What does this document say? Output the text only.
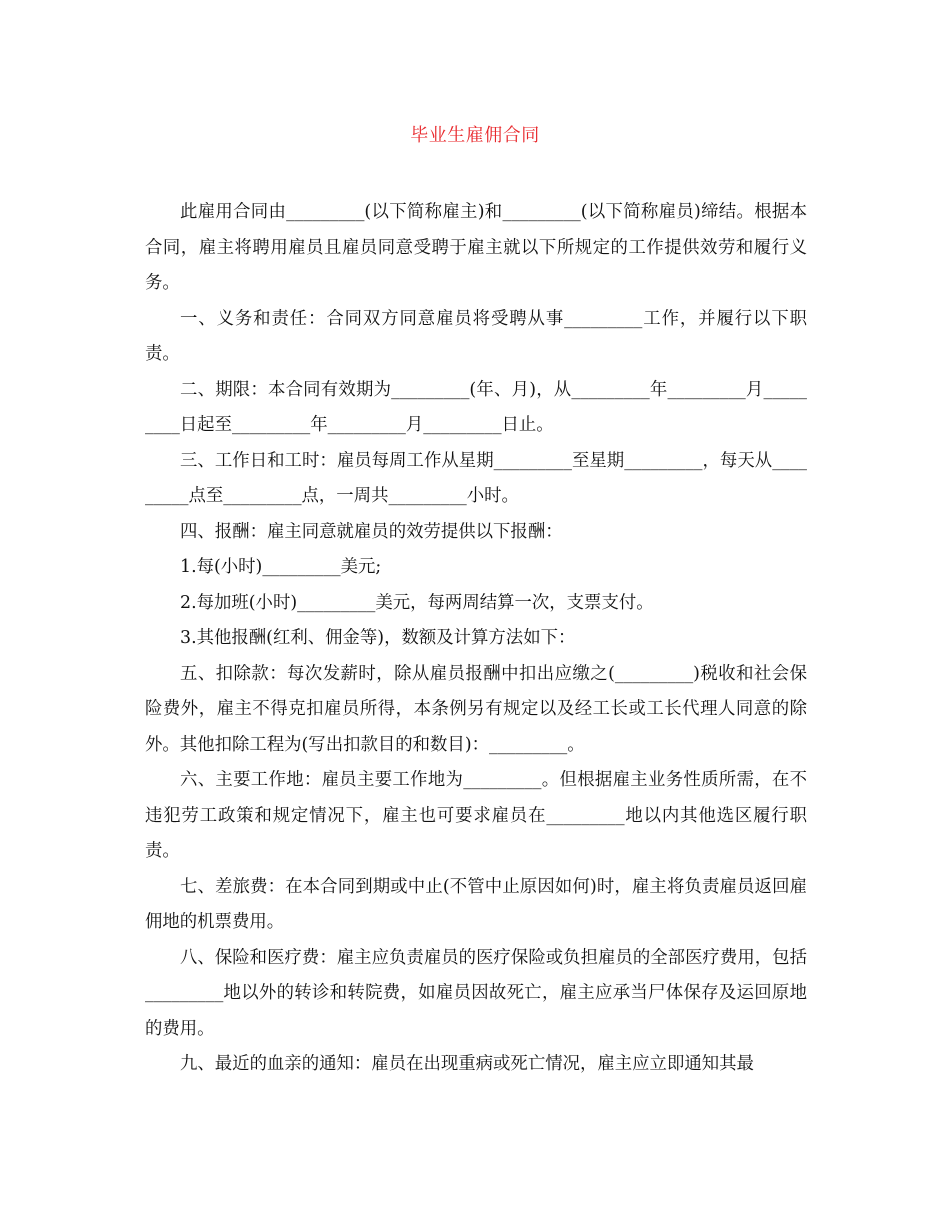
毕业生雇佣合同

此雇用合同由_________(以下简称雇主)和_________(以下简称雇员)缔结。根据本合同，雇主将聘用雇员且雇员同意受聘于雇主就以下所规定的工作提供效劳和履行义务。

一、义务和责任：合同双方同意雇员将受聘从事_________工作，并履行以下职责。

二、期限：本合同有效期为_________(年、月)，从_________年_________月_________日起至_________年_________月_________日止。

三、工作日和工时：雇员每周工作从星期_________至星期_________，每天从_________点至_________点，一周共_________小时。

四、报酬：雇主同意就雇员的效劳提供以下报酬：

1.每(小时)_________美元;

2.每加班(小时)_________美元，每两周结算一次，支票支付。

3.其他报酬(红利、佣金等)，数额及计算方法如下：

五、扣除款：每次发薪时，除从雇员报酬中扣出应缴之(_________)税收和社会保险费外，雇主不得克扣雇员所得，本条例另有规定以及经工长或工长代理人同意的除外。其他扣除工程为(写出扣款目的和数目)：_________。

六、主要工作地：雇员主要工作地为_________。但根据雇主业务性质所需，在不违犯劳工政策和规定情况下，雇主也可要求雇员在_________地以内其他选区履行职责。

七、差旅费：在本合同到期或中止(不管中止原因如何)时，雇主将负责雇员返回雇佣地的机票费用。

八、保险和医疗费：雇主应负责雇员的医疗保险或负担雇员的全部医疗费用，包括_________地以外的转诊和转院费，如雇员因故死亡，雇主应承当尸体保存及运回原地的费用。

九、最近的血亲的通知：雇员在出现重病或死亡情况，雇主应立即通知其最
